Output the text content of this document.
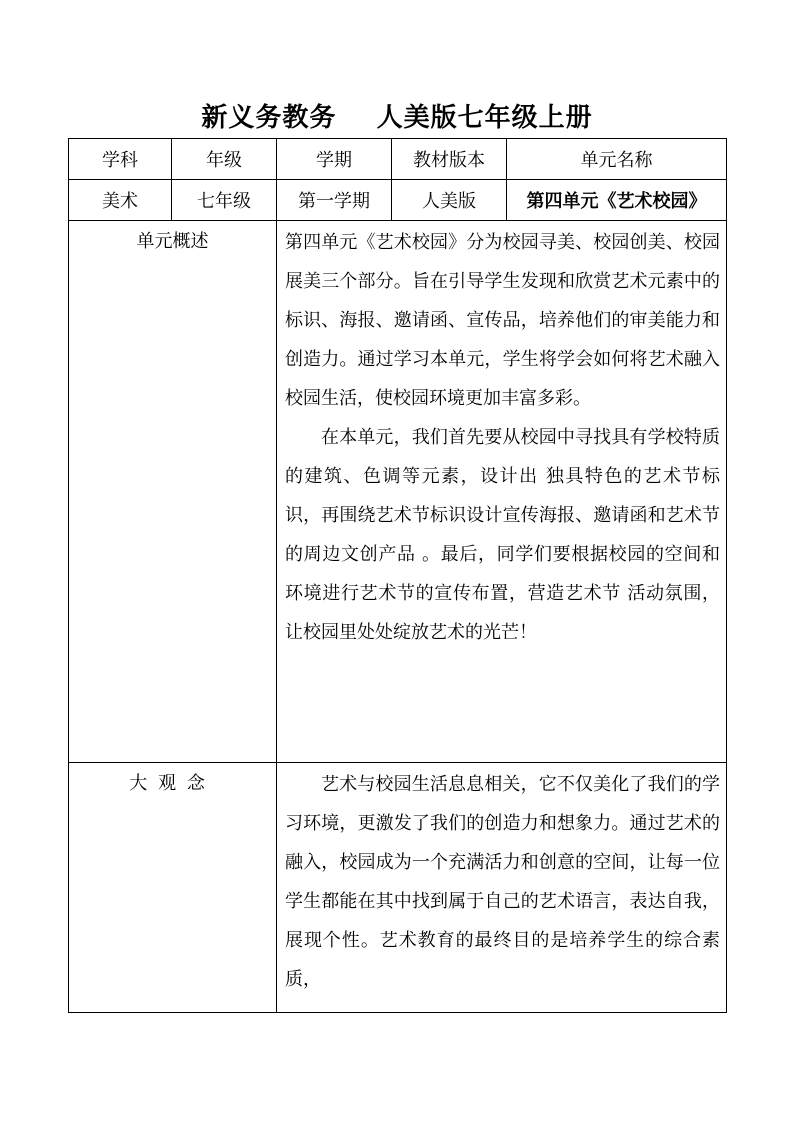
新义务教务    人美版七年级上册
学科	年级	学期	教材版本	单元名称
美术	七年级	第一学期	人美版	第四单元《艺术校园》
单元概述		第四单元《艺术校园》分为校园寻美、校园创美、校园展美三个部分。旨在引导学生发现和欣赏艺术元素中的标识、海报、邀请函、宣传品，培养他们的审美能力和创造力。通过学习本单元，学生将学会如何将艺术融入校园生活，使校园环境更加丰富多彩。

在本单元，我们首先要从校园中寻找具有学校特质的建筑、色调等元素，设计出 独具特色的艺术节标识，再围绕艺术节标识设计宣传海报、邀请函和艺术节的周边文创产品 。最后，同学们要根据校园的空间和环境进行艺术节的宣传布置，营造艺术节 活动氛围，让校园里处处绽放艺术的光芒！		

大观念		艺术与校园生活息息相关，它不仅美化了我们的学习环境，更激发了我们的创造力和想象力。通过艺术的融入，校园成为一个充满活力和创意的空间，让每一位学生都能在其中找到属于自己的艺术语言，表达自我，展现个性。艺术教育的最终目的是培养学生的综合素质，		
